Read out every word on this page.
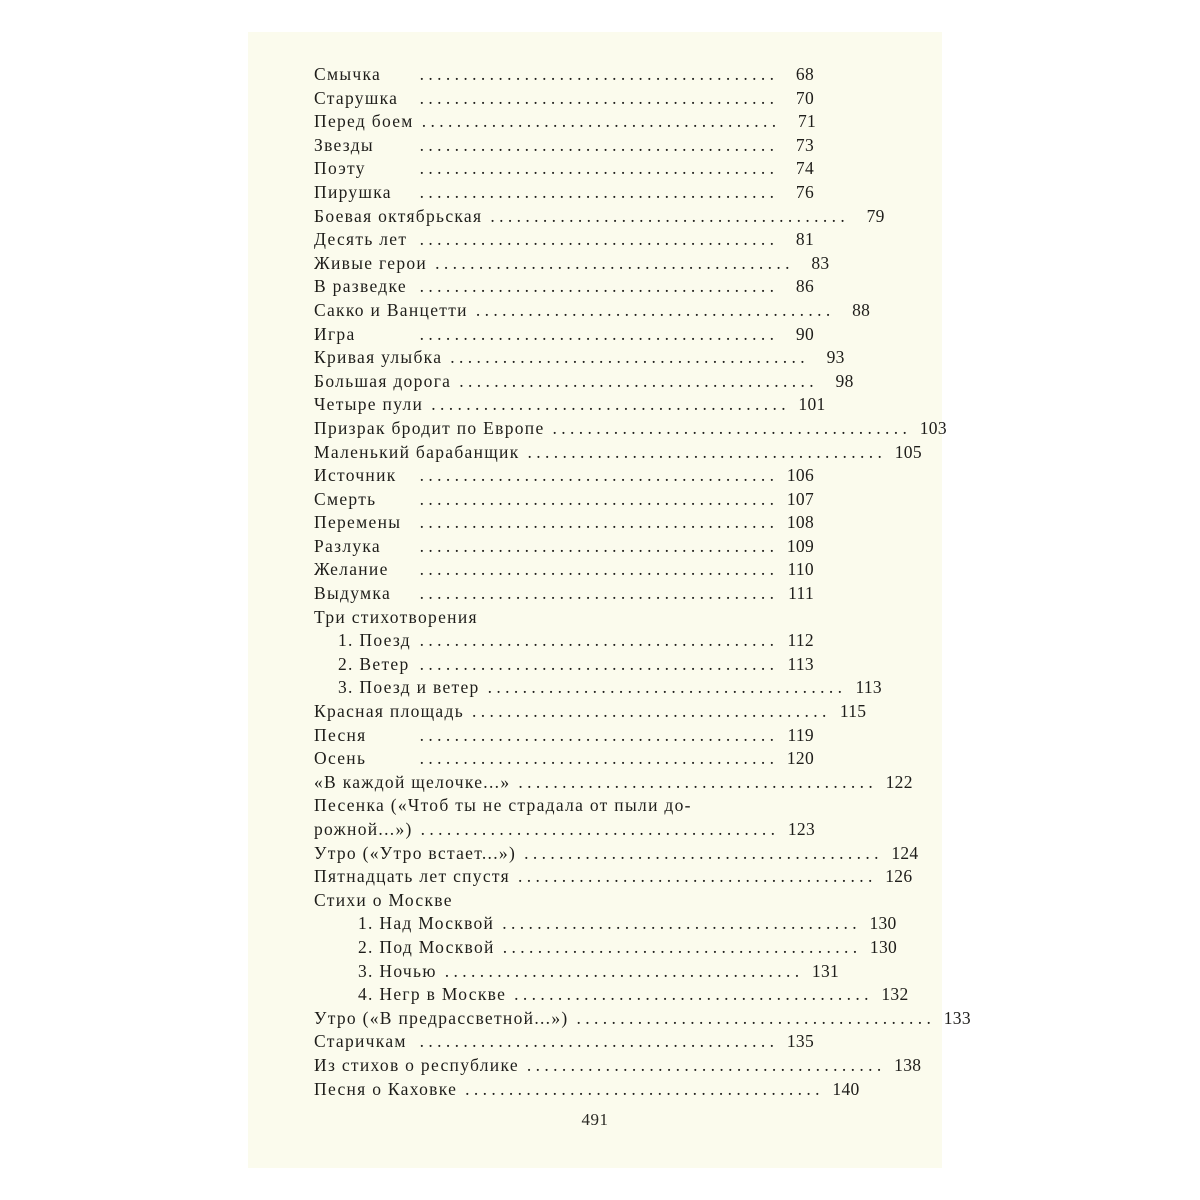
Смычка	. . . . . . . . . . . . . . . . . . . . . . . . . . . . . . . . . . . . . . . . .	68
Старушка	. . . . . . . . . . . . . . . . . . . . . . . . . . . . . . . . . . . . . . . . .	70
Перед боем . . . . . . . . . . . . . . . . . . . . . . . . . . . . . . . . . . . . . . . . .	71
Звезды	. . . . . . . . . . . . . . . . . . . . . . . . . . . . . . . . . . . . . . . . .	73
Поэту	. . . . . . . . . . . . . . . . . . . . . . . . . . . . . . . . . . . . . . . . .	74
Пирушка	. . . . . . . . . . . . . . . . . . . . . . . . . . . . . . . . . . . . . . . . .	76
Боевая октябрьская . . . . . . . . . . . . . . . . . . . . . . . . . . . . . . . . . . . . . . . . .	79
Десять лет . . . . . . . . . . . . . . . . . . . . . . . . . . . . . . . . . . . . . . . . .	81
Живые герои . . . . . . . . . . . . . . . . . . . . . . . . . . . . . . . . . . . . . . . . .	83
В разведке . . . . . . . . . . . . . . . . . . . . . . . . . . . . . . . . . . . . . . . . .	86
Сакко и Ванцетти . . . . . . . . . . . . . . . . . . . . . . . . . . . . . . . . . . . . . . . . .	88
Игра	. . . . . . . . . . . . . . . . . . . . . . . . . . . . . . . . . . . . . . . . .	90
Кривая улыбка . . . . . . . . . . . . . . . . . . . . . . . . . . . . . . . . . . . . . . . . .	93
Большая дорога . . . . . . . . . . . . . . . . . . . . . . . . . . . . . . . . . . . . . . . . .	98
Четыре пули . . . . . . . . . . . . . . . . . . . . . . . . . . . . . . . . . . . . . . . . . 101
Призрак бродит по Европе . . . . . . . . . . . . . . . . . . . . . . . . . . . . . . . . . . . . . . . . . 103
Маленький барабанщик . . . . . . . . . . . . . . . . . . . . . . . . . . . . . . . . . . . . . . . . . 105
Источник	. . . . . . . . . . . . . . . . . . . . . . . . . . . . . . . . . . . . . . . . . 106
Смерть	. . . . . . . . . . . . . . . . . . . . . . . . . . . . . . . . . . . . . . . . . 107
Перемены	. . . . . . . . . . . . . . . . . . . . . . . . . . . . . . . . . . . . . . . . . 108
Разлука	. . . . . . . . . . . . . . . . . . . . . . . . . . . . . . . . . . . . . . . . . 109
Желание	. . . . . . . . . . . . . . . . . . . . . . . . . . . . . . . . . . . . . . . . . 110
Выдумка	. . . . . . . . . . . . . . . . . . . . . . . . . . . . . . . . . . . . . . . . . 111
Три стихотворения
1. Поезд . . . . . . . . . . . . . . . . . . . . . . . . . . . . . . . . . . . . . . . . . 112
2. Ветер . . . . . . . . . . . . . . . . . . . . . . . . . . . . . . . . . . . . . . . . . 113
3. Поезд и ветер . . . . . . . . . . . . . . . . . . . . . . . . . . . . . . . . . . . . . . . . . 113
Красная площадь . . . . . . . . . . . . . . . . . . . . . . . . . . . . . . . . . . . . . . . . . 115
Песня	. . . . . . . . . . . . . . . . . . . . . . . . . . . . . . . . . . . . . . . . . 119
Осень	. . . . . . . . . . . . . . . . . . . . . . . . . . . . . . . . . . . . . . . . . 120
«В каждой щелочке...» . . . . . . . . . . . . . . . . . . . . . . . . . . . . . . . . . . . . . . . . . 122
Песенка («Чтоб ты не страдала от пыли до-
рожной...») . . . . . . . . . . . . . . . . . . . . . . . . . . . . . . . . . . . . . . . . . 123
Утро («Утро встает...») . . . . . . . . . . . . . . . . . . . . . . . . . . . . . . . . . . . . . . . . . 124
Пятнадцать лет спустя . . . . . . . . . . . . . . . . . . . . . . . . . . . . . . . . . . . . . . . . . 126
Стихи о Москве
1. Над Москвой . . . . . . . . . . . . . . . . . . . . . . . . . . . . . . . . . . . . . . . . . 130
2. Под Москвой . . . . . . . . . . . . . . . . . . . . . . . . . . . . . . . . . . . . . . . . . 130
3. Ночью . . . . . . . . . . . . . . . . . . . . . . . . . . . . . . . . . . . . . . . . . 131
4. Негр в Москве . . . . . . . . . . . . . . . . . . . . . . . . . . . . . . . . . . . . . . . . . 132
Утро («В предрассветной...») . . . . . . . . . . . . . . . . . . . . . . . . . . . . . . . . . . . . . . . . . 133
Старичкам . . . . . . . . . . . . . . . . . . . . . . . . . . . . . . . . . . . . . . . . . 135
Из стихов о республике . . . . . . . . . . . . . . . . . . . . . . . . . . . . . . . . . . . . . . . . . 138
Песня о Каховке . . . . . . . . . . . . . . . . . . . . . . . . . . . . . . . . . . . . . . . . . 140
491
